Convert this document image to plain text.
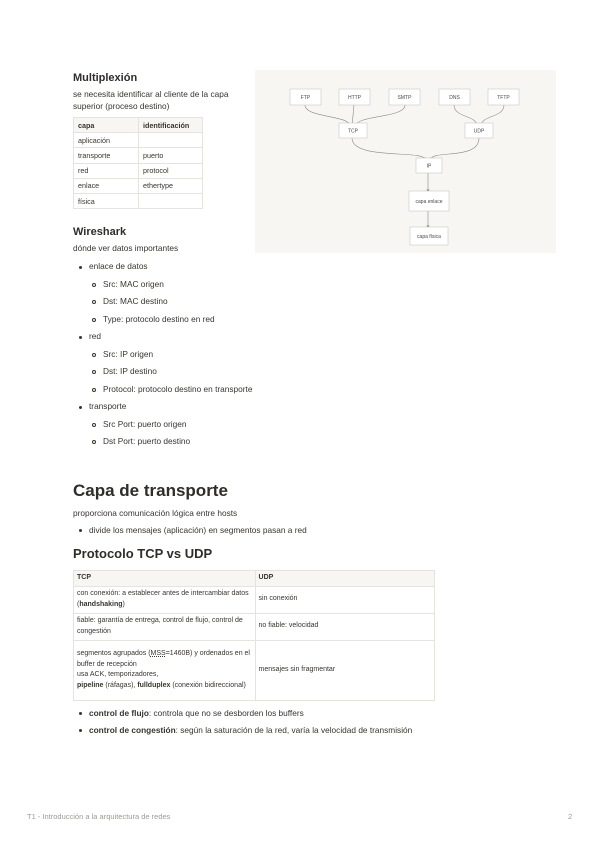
Multiplexión
se necesita identificar al cliente de la capa superior (proceso destino)
capa	identificación
aplicación	
transporte	puerto
red	protocol
enlace	ethertype
física	
FTP	HTTP	SMTP	DNS	TFTP
TCP	UDP
IP
capa enlace
capa física
Wireshark
dónde ver datos importantes
enlace de datos
Src: MAC origen
Dst: MAC destino
Type: protocolo destino en red
red
Src: IP origen
Dst: IP destino
Protocol: protocolo destino en transporte
transporte
Src Port: puerto origen
Dst Port: puerto destino
Capa de transporte
proporciona comunicación lógica entre hosts
divide los mensajes (aplicación) en segmentos pasan a red
Protocolo TCP vs UDP
TCP	UDP
con conexión: a establecer antes de intercambiar datos (handshaking)	sin conexión
fiable: garantía de entrega, control de flujo, control de congestión	no fiable: velocidad

segmentos agrupados (MSS=1460B) y ordenados en el buffer de recepción
usa ACK, temporizadores,
pipeline (ráfagas), fullduplex (conexión bidireccional)	mensajes sin fragmentar
control de flujo: controla que no se desborden los buffers
control de congestión: según la saturación de la red, varía la velocidad de transmisión
T1 - Introducción a la arquitectura de redes	2
